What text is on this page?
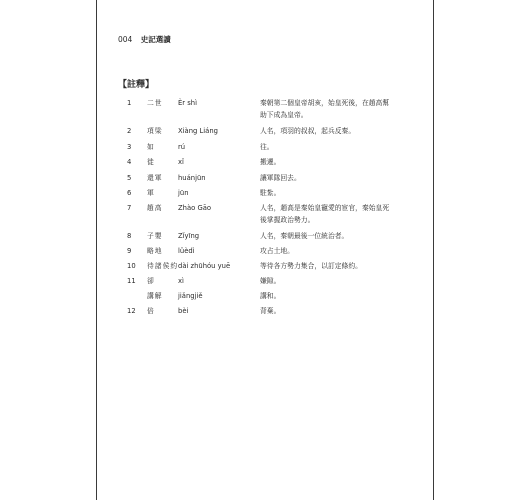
004 史記選讀
【註釋】
1 二世 Èr shì	秦朝第二個皇帝胡亥，始皇死後，在趙高幫助下成為皇帝。
2 項梁 Xiàng Liáng	人名，項羽的叔叔，起兵反秦。
3 如	rú	往。
4 徙	xǐ	搬遷。
5 還軍 huánjūn	讓軍隊回去。
6 軍	jūn	駐紮。
7 趙高 Zhào Gāo	人名，趙高是秦始皇寵愛的宦官，秦始皇死後掌握政治勢力。
8 子嬰 Zǐyīng	人名，秦朝最後一位統治者。
9 略地 lüèdì	攻占土地。
10 待諸侯約 dài zhūhóu yuē	等待各方勢力集合，以訂定條約。
11 卻	xì	嫌隙。
講解 jiǎngjiě	講和。
12 倍	bèi	背棄。
